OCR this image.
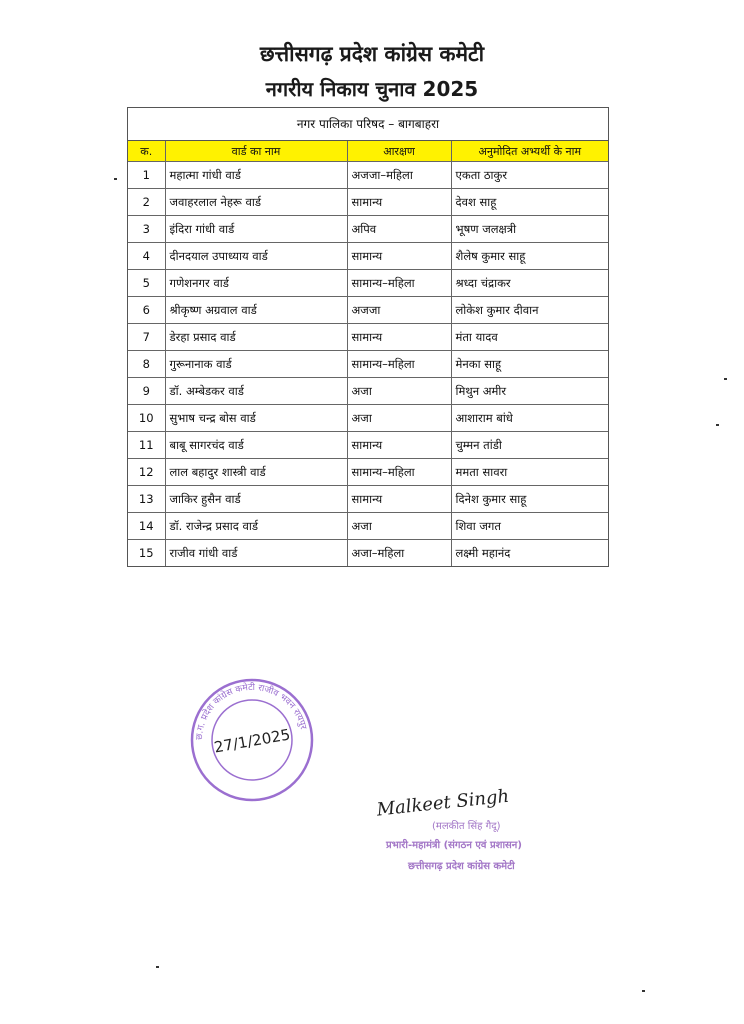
छत्तीसगढ़ प्रदेश कांग्रेस कमेटी
नगरीय निकाय चुनाव 2025
नगर पालिका परिषद – बागबाहरा
क.	वार्ड का नाम	आरक्षण	अनुमोदित अभ्यर्थी के नाम
1	महात्मा गांधी वार्ड	अजजा–महिला	एकता ठाकुर
2	जवाहरलाल नेहरू वार्ड	सामान्य	देवश साहू
3	इंदिरा गांधी वार्ड	अपिव	भूषण जलक्षत्री
4	दीनदयाल उपाध्याय वार्ड	सामान्य	शैलेष कुमार साहू
5	गणेशनगर वार्ड	सामान्य–महिला	श्रध्दा चंद्राकर
6	श्रीकृष्ण अग्रवाल वार्ड	अजजा	लोकेश कुमार दीवान
7	डेरहा प्रसाद वार्ड	सामान्य	मंता यादव
8	गुरूनानाक वार्ड	सामान्य–महिला	मेनका साहू
9	डॉ. अम्बेडकर वार्ड	अजा	मिथुन अमीर
10	सुभाष चन्द्र बोस वार्ड	अजा	आशाराम बांधे
11	बाबू सागरचंद वार्ड	सामान्य	चुम्मन तांडी
12	लाल बहादुर शास्त्री वार्ड	सामान्य–महिला	ममता सावरा
13	जाकिर हुसैन वार्ड	सामान्य	दिनेश कुमार साहू
14	डॉ. राजेन्द्र प्रसाद वार्ड	अजा	शिवा जगत
15	राजीव गांधी वार्ड	अजा–महिला	लक्ष्मी महानंद
छ.ग. प्रदेश कांग्रेस कमेटी राजीव भवन रायपुर
27/1/2025
Malkeet Singh
(मलकीत सिंह गैदू)
प्रभारी-महामंत्री (संगठन एवं प्रशासन)
छत्तीसगढ़ प्रदेश कांग्रेस कमेटी
